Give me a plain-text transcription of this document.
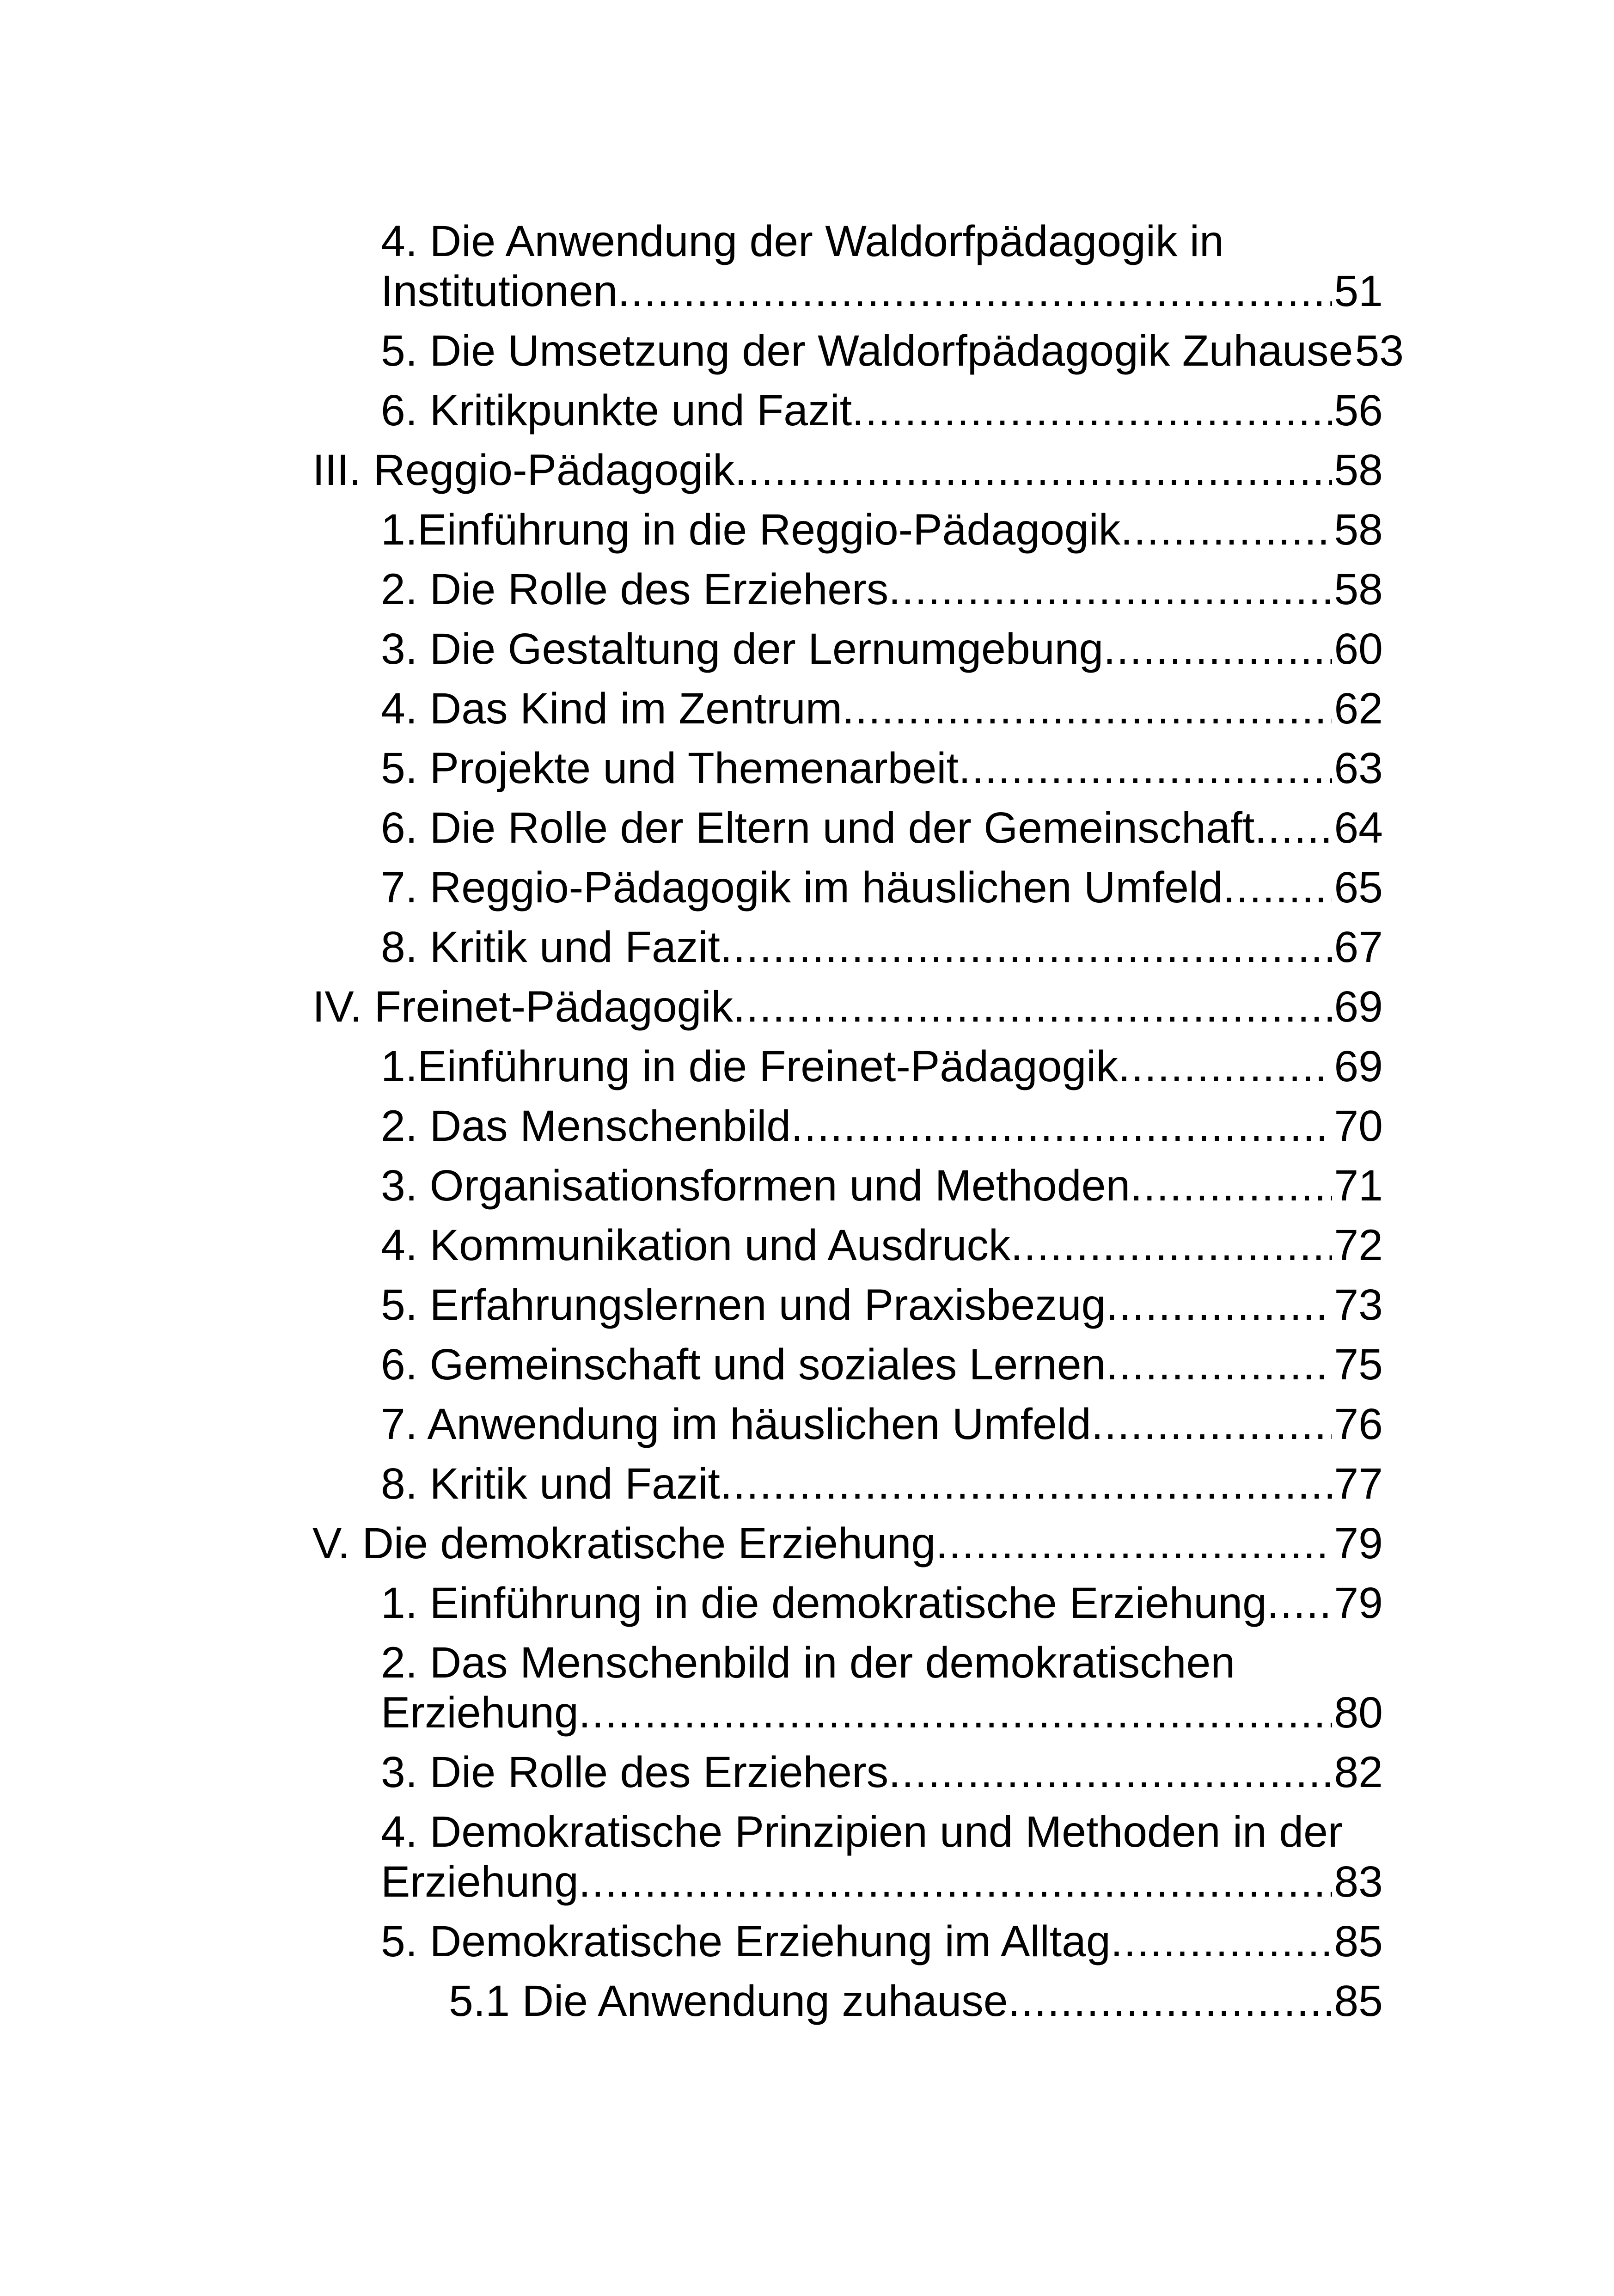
4. Die Anwendung der Waldorfpädagogik in
Institutionen .....	51
5. Die Umsetzung der Waldorfpädagogik Zuhause 53
6. Kritikpunkte und Fazit .....	56
III. Reggio-Pädagogik .....	58
1.Einführung in die Reggio-Pädagogik .....	58
2. Die Rolle des Erziehers .....	58
3. Die Gestaltung der Lernumgebung .....	60
4. Das Kind im Zentrum .....	62
5. Projekte und Themenarbeit .....	63
6. Die Rolle der Eltern und der Gemeinschaft ..... 64
7. Reggio-Pädagogik im häuslichen Umfeld .....	65
8. Kritik und Fazit .....	67
IV. Freinet-Pädagogik .....	69
1.Einführung in die Freinet-Pädagogik .....	69
2. Das Menschenbild .....	70
3. Organisationsformen und Methoden .....	71
4. Kommunikation und Ausdruck .....	72
5. Erfahrungslernen und Praxisbezug .....	73
6. Gemeinschaft und soziales Lernen .....	75
7. Anwendung im häuslichen Umfeld .....	76
8. Kritik und Fazit .....	77
V. Die demokratische Erziehung .....	79
1. Einführung in die demokratische Erziehung ..... 79
2. Das Menschenbild in der demokratischen
Erziehung .....	80
3. Die Rolle des Erziehers .....	82
4. Demokratische Prinzipien und Methoden in der
Erziehung .....	83
5. Demokratische Erziehung im Alltag .....	85
5.1 Die Anwendung zuhause .....	85
